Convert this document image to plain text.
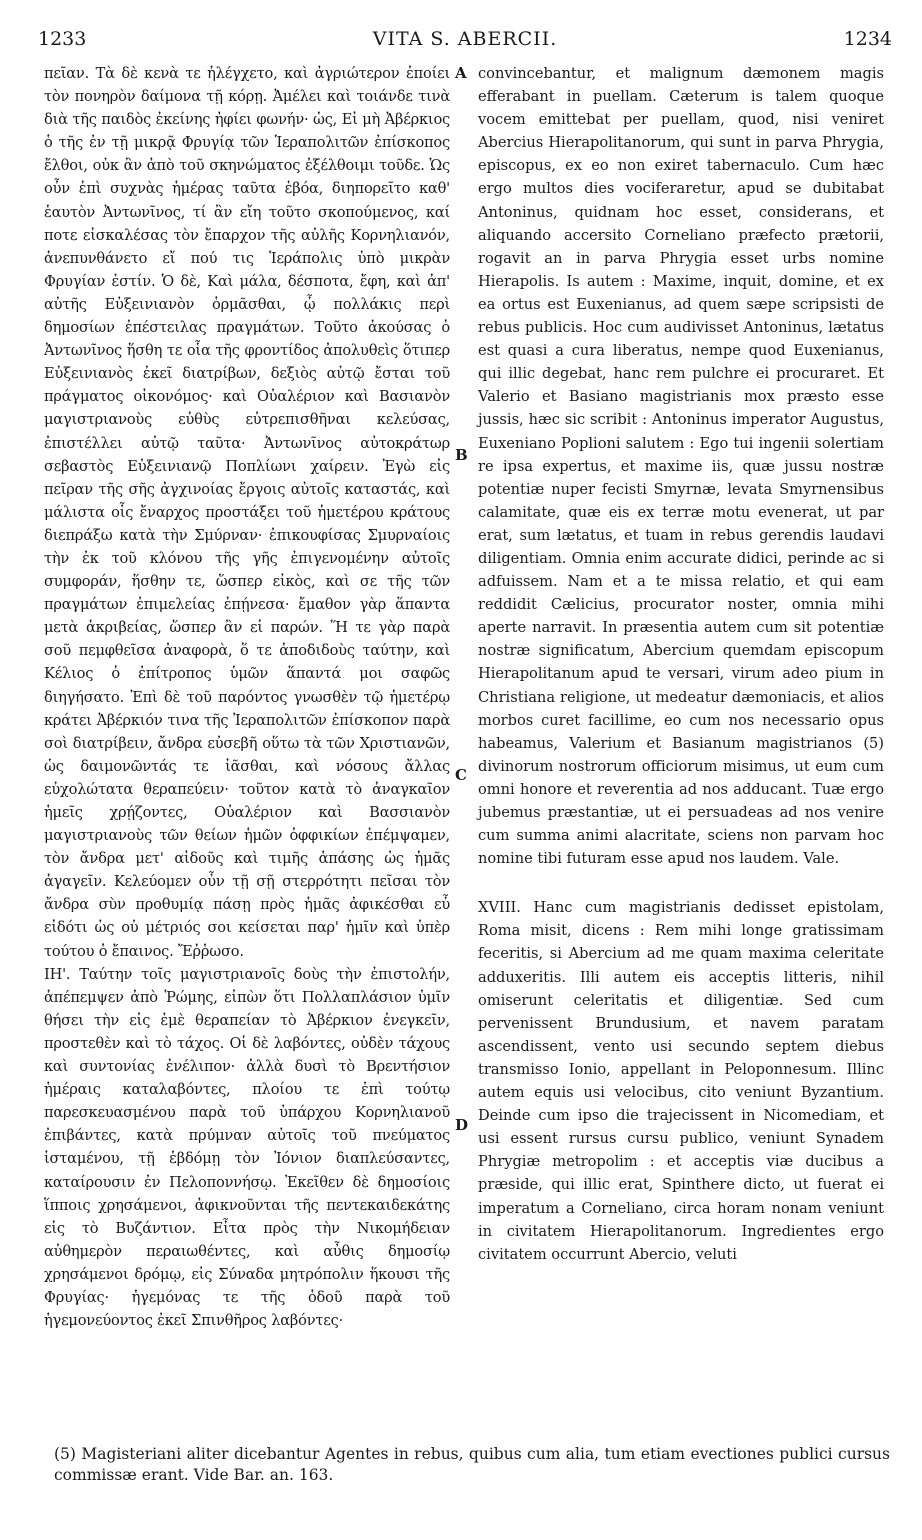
1233	VITA S. ABERCII.	1234

πεῖαν. Τὰ δὲ κενὰ τε ἠλέγχετο, καὶ ἀγριώτερον ἐποίει τὸν πονηρὸν δαίμονα τῇ κόρῃ. Ἀμέλει καὶ τοιάνδε τινὰ διὰ τῆς παιδὸς ἐκείνης ἠφίει φωνήν· ὡς, Εἰ μὴ Ἀβέρκιος ὁ τῆς ἐν τῇ μικρᾷ Φρυγίᾳ τῶν Ἱεραπολιτῶν ἐπίσκοπος ἔλθοι, οὐκ ἂν ἀπὸ τοῦ σκηνώματος ἐξέλθοιμι τοῦδε. Ὡς οὖν ἐπὶ συχνὰς ἡμέρας ταῦτα ἐβόα, διηπορεῖτο καθ' ἑαυτὸν Ἀντωνῖνος, τί ἂν εἴη τοῦτο σκοπούμενος, καί ποτε εἰσκαλέσας τὸν ἔπαρχον τῆς αὐλῆς Κορνηλιανόν, ἀνεπυνθάνετο εἴ πού τις Ἱεράπολις ὑπὸ μικρὰν Φρυγίαν ἐστίν. Ὁ δὲ, Καὶ μάλα, δέσποτα, ἔφη, καὶ ἀπ' αὐτῆς Εὐξεινιανὸν ὁρμᾶσθαι, ᾧ πολλάκις περὶ δημοσίων ἐπέστειλας πραγμάτων. Τοῦτο ἀκούσας ὁ Ἀντωνῖνος ἥσθη τε οἷα τῆς φροντίδος ἀπολυθεὶς ὅτιπερ Εὐξεινιανὸς ἐκεῖ διατρίβων, δεξιὸς αὐτῷ ἔσται τοῦ πράγματος οἰκονόμος· καὶ Οὐαλέριον καὶ Βασιανὸν μαγιστριανοὺς εὐθὺς εὐτρεπισθῆναι κελεύσας, ἐπιστέλλει αὐτῷ ταῦτα· Ἀντωνῖνος αὐτοκράτωρ σεβαστὸς Εὐξεινιανῷ Ποπλίωνι χαίρειν. Ἐγὼ εἰς πεῖραν τῆς σῆς ἀγχινοίας ἔργοις αὐτοῖς καταστάς, καὶ μάλιστα οἷς ἔναρχος προστάξει τοῦ ἡμετέρου κράτους διεπράξω κατὰ τὴν Σμύρναν· ἐπικουφίσας Σμυρναίοις τὴν ἐκ τοῦ κλόνου τῆς γῆς ἐπιγενομένην αὐτοῖς συμφοράν, ἥσθην τε, ὥσπερ εἰκὸς, καὶ σε τῆς τῶν πραγμάτων ἐπιμελείας ἐπῄνεσα· ἔμαθον γὰρ ἅπαντα μετὰ ἀκριβείας, ὥσπερ ἂν εἰ παρών. Ἥ τε γὰρ παρὰ σοῦ πεμφθεῖσα ἀναφορὰ, ὅ τε ἀποδιδοὺς ταύτην, καὶ Κέλιος ὁ ἐπίτροπος ὑμῶν ἅπαντά μοι σαφῶς διηγήσατο. Ἐπὶ δὲ τοῦ παρόντος γνωσθὲν τῷ ἡμετέρῳ κράτει Ἀβέρκιόν τινα τῆς Ἱεραπολιτῶν ἐπίσκοπον παρὰ σοὶ διατρίβειν, ἄνδρα εὐσεβῆ οὕτω τὰ τῶν Χριστιανῶν, ὡς δαιμονῶντάς τε ἰᾶσθαι, καὶ νόσους ἄλλας εὐχολώτατα θεραπεύειν· τοῦτον κατὰ τὸ ἀναγκαῖον ἡμεῖς χρῄζοντες, Οὐαλέριον καὶ Βασσιανὸν μαγιστριανοὺς τῶν θείων ἡμῶν ὀφφικίων ἐπέμψαμεν, τὸν ἄνδρα μετ' αἰδοῦς καὶ τιμῆς ἁπάσης ὡς ἡμᾶς ἀγαγεῖν. Κελεύομεν οὖν τῇ σῇ στερρότητι πεῖσαι τὸν ἄνδρα σὺν προθυμίᾳ πάσῃ πρὸς ἡμᾶς ἀφικέσθαι εὖ εἰδότι ὡς οὐ μέτριός σοι κείσεται παρ' ἡμῖν καὶ ὑπὲρ τούτου ὁ ἔπαινος. Ἔῤῥωσο.

ΙΗ'. Ταύτην τοῖς μαγιστριανοῖς δοὺς τὴν ἐπιστολήν, ἀπέπεμψεν ἀπὸ Ῥώμης, εἰπὼν ὅτι Πολλαπλάσιον ὑμῖν θήσει τὴν εἰς ἐμὲ θεραπείαν τὸ Ἀβέρκιον ἐνεγκεῖν, προστεθὲν καὶ τὸ τάχος. Οἱ δὲ λαβόντες, οὐδὲν τάχους καὶ συντονίας ἐνέλιπον· ἀλλὰ δυσὶ τὸ Βρεντήσιον ἡμέραις καταλαβόντες, πλοίου τε ἐπὶ τούτῳ παρεσκευασμένου παρὰ τοῦ ὑπάρχου Κορνηλιανοῦ ἐπιβάντες, κατὰ πρύμναν αὐτοῖς τοῦ πνεύματος ἱσταμένου, τῇ ἑβδόμῃ τὸν Ἰόνιον διαπλεύσαντες, καταίρουσιν ἐν Πελοποννήσῳ. Ἐκεῖθεν δὲ δημοσίοις ἵπποις χρησάμενοι, ἀφικνοῦνται τῆς πεντεκαιδεκάτης εἰς τὸ Βυζάντιον. Εἶτα πρὸς τὴν Νικομήδειαν αὐθημερὸν περαιωθέντες, καὶ αὖθις δημοσίῳ χρησάμενοι δρόμῳ, εἰς Σύναδα μητρόπολιν ἥκουσι τῆς Φρυγίας· ἡγεμόνας τε τῆς ὁδοῦ παρὰ τοῦ ἡγεμονεύοντος ἐκεῖ Σπινθῆρος λαβόντες·

A
B
C
D

convincebantur, et malignum dæmonem magis efferabant in puellam. Cæterum is talem quoque vocem emittebat per puellam, quod, nisi veniret Abercius Hierapolitanorum, qui sunt in parva Phrygia, episcopus, ex eo non exiret tabernaculo. Cum hæc ergo multos dies vociferaretur, apud se dubitabat Antoninus, quidnam hoc esset, considerans, et aliquando accersito Corneliano præfecto prætorii, rogavit an in parva Phrygia esset urbs nomine Hierapolis. Is autem : Maxime, inquit, domine, et ex ea ortus est Euxenianus, ad quem sæpe scripsisti de rebus publicis. Hoc cum audivisset Antoninus, lætatus est quasi a cura liberatus, nempe quod Euxenianus, qui illic degebat, hanc rem pulchre ei procuraret. Et Valerio et Basiano magistrianis mox præsto esse jussis, hæc sic scribit : Antoninus imperator Augustus, Euxeniano Poplioni salutem : Ego tui ingenii solertiam re ipsa expertus, et maxime iis, quæ jussu nostræ potentiæ nuper fecisti Smyrnæ, levata Smyrnensibus calamitate, quæ eis ex terræ motu evenerat, ut par erat, sum lætatus, et tuam in rebus gerendis laudavi diligentiam. Omnia enim accurate didici, perinde ac si adfuissem. Nam et a te missa relatio, et qui eam reddidit Cælicius, procurator noster, omnia mihi aperte narravit. In præsentia autem cum sit potentiæ nostræ significatum, Abercium quemdam episcopum Hierapolitanum apud te versari, virum adeo pium in Christiana religione, ut medeatur dæmoniacis, et alios morbos curet facillime, eo cum nos necessario opus habeamus, Valerium et Basianum magistrianos (5) divinorum nostrorum officiorum misimus, ut eum cum omni honore et reverentia ad nos adducant. Tuæ ergo jubemus præstantiæ, ut ei persuadeas ad nos venire cum summa animi alacritate, sciens non parvam hoc nomine tibi futuram esse apud nos laudem. Vale.

XVIII. Hanc cum magistrianis dedisset epistolam, Roma misit, dicens : Rem mihi longe gratissimam feceritis, si Abercium ad me quam maxima celeritate adduxeritis. Illi autem eis acceptis litteris, nihil omiserunt celeritatis et diligentiæ. Sed cum pervenissent Brundusium, et navem paratam ascendissent, vento usi secundo septem diebus transmisso Ionio, appellant in Peloponnesum. Illinc autem equis usi velocibus, cito veniunt Byzantium. Deinde cum ipso die trajecissent in Nicomediam, et usi essent rursus cursu publico, veniunt Synadem Phrygiæ metropolim : et acceptis viæ ducibus a præside, qui illic erat, Spinthere dicto, ut fuerat ei imperatum a Corneliano, circa horam nonam veniunt in civitatem Hierapolitanorum. Ingredientes ergo civitatem occurrunt Abercio, veluti

(5) Magisteriani aliter dicebantur Agentes in rebus, quibus cum alia, tum etiam evectiones publici cursus commissæ erant. Vide Bar. an. 163.
